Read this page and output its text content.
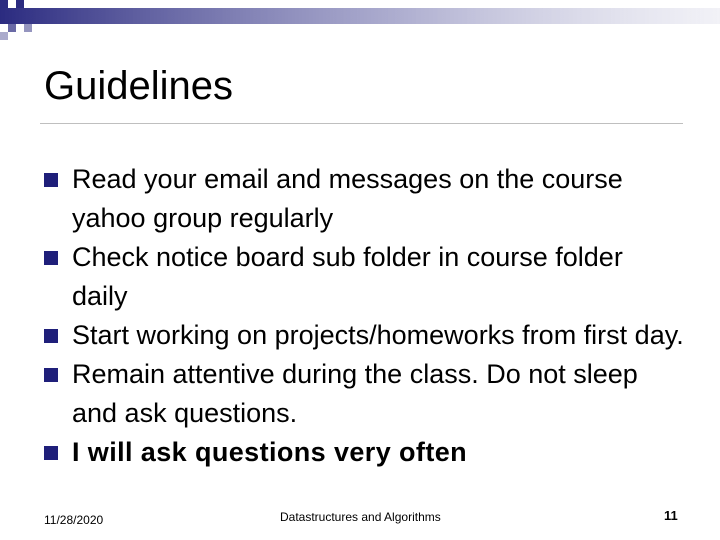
Guidelines
Read your email and messages on the course yahoo group regularly
Check notice board sub folder in course folder daily
Start working on projects/homeworks from first day.
Remain attentive during the class. Do not sleep and ask questions.
I will ask questions very often
11/28/2020	Datastructures and Algorithms	11
